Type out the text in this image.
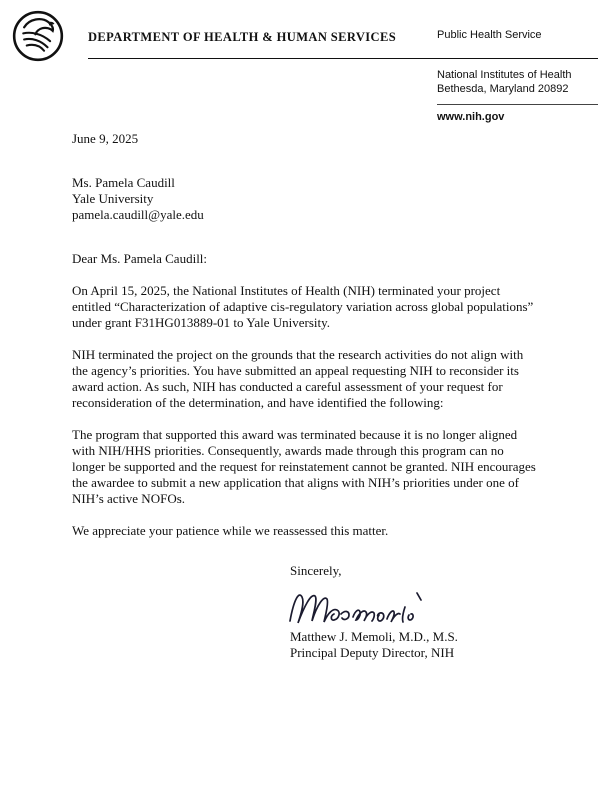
DEPARTMENT OF HEALTH & HUMAN SERVICES	Public Health Service
National Institutes of Health
Bethesda, Maryland 20892
www.nih.gov
June 9, 2025
Ms. Pamela Caudill
Yale University
pamela.caudill@yale.edu
Dear Ms. Pamela Caudill:

On April 15, 2025, the National Institutes of Health (NIH) terminated your project entitled “Characterization of adaptive cis-regulatory variation across global populations” under grant F31HG013889-01 to Yale University.

NIH terminated the project on the grounds that the research activities do not align with the agency’s priorities. You have submitted an appeal requesting NIH to reconsider its award action. As such, NIH has conducted a careful assessment of your request for reconsideration of the determination, and have identified the following:

The program that supported this award was terminated because it is no longer aligned with NIH/HHS priorities. Consequently, awards made through this program can no longer be supported and the request for reinstatement cannot be granted. NIH encourages the awardee to submit a new application that aligns with NIH’s priorities under one of NIH’s active NOFOs.

We appreciate your patience while we reassessed this matter.

Sincerely,
Matthew J. Memoli, M.D., M.S.
Principal Deputy Director, NIH
